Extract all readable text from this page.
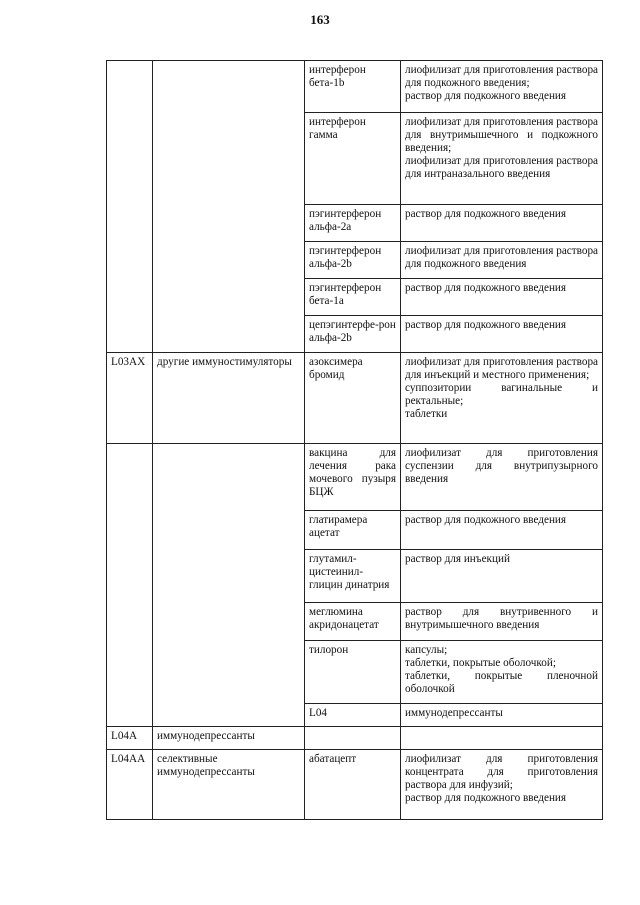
163
		интерферон бета-1b	лиофилизат для приготовления раствора для подкожного введения;
раствор для подкожного введения	

		интерферон гамма	лиофилизат для приготовления раствора для внутримышечного и подкожного введения;
лиофилизат для приготовления раствора для интраназального введения	

		пэгинтерферон альфа-2a	раствор для подкожного введения	

		пэгинтерферон альфа-2b	лиофилизат для приготовления раствора для подкожного введения	

		пэгинтерферон бета-1a	раствор для подкожного введения	

		цепэгинтерфе-рон альфа-2b	раствор для подкожного введения	

L03AX	другие иммуностимуляторы	азоксимера бромид	лиофилизат для приготовления раствора для инъекций и местного применения;
суппозитории вагинальные и ректальные;
таблетки	

		вакцина для лечения рака мочевого пузыря БЦЖ	лиофилизат для приготовления суспензии для внутрипузырного введения	

		глатирамера ацетат	раствор для подкожного введения	

		глутамил-цистеинил-глицин динатрия	раствор для инъекций	

		меглюмина акридонацетат	раствор для внутривенного и внутримышечного введения	

		тилорон	капсулы;
таблетки, покрытые оболочкой;
таблетки, покрытые пленочной оболочкой	

		L04	иммунодепрессанты		
L04A	иммунодепрессанты			
L04AA	селективные иммунодепрессанты	абатацепт	лиофилизат для приготовления концентрата для приготовления раствора для инфузий;
раствор для подкожного введения	
